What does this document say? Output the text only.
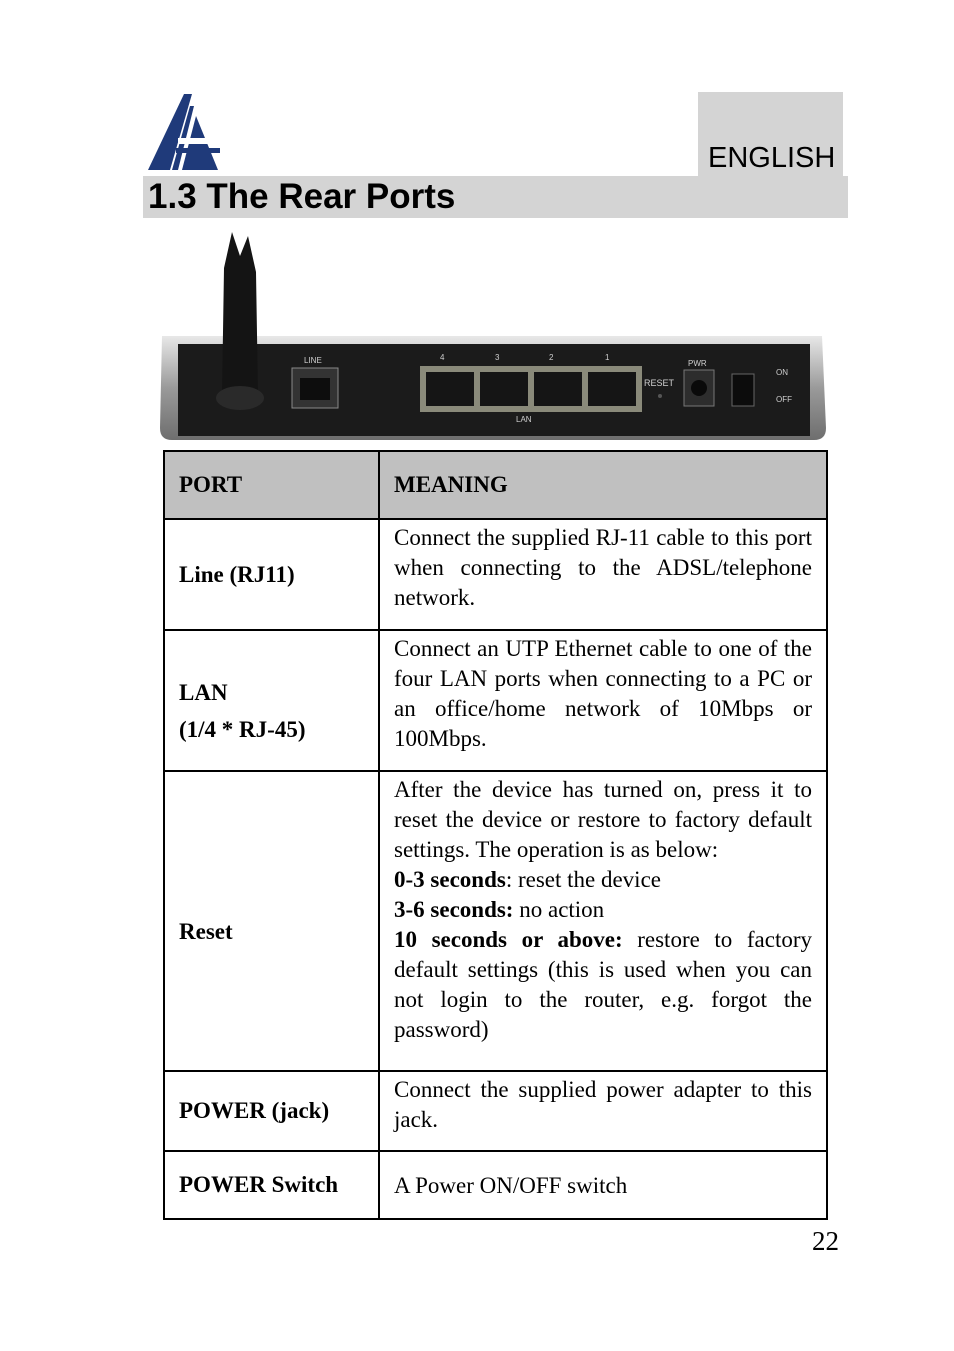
ENGLISH
1.3 The Rear Ports
LINE	4	3	2	1
LAN
RESET
PWR
ON
OFF
PORT	MEANING
Line (RJ11)	Connect the supplied RJ-11 cable to this port when connecting to the ADSL/telephone network.

LAN
(1/4 * RJ-45)	Connect an UTP Ethernet cable to one of the four LAN ports when connecting to a PC or an office/home network of 10Mbps or 100Mbps.
Reset	After the device has turned on, press it to reset the device or restore to factory default settings. The operation is as below:

0-3 seconds: reset the device

3-6 seconds: no action

10 seconds or above: restore to factory default settings (this is used when you can not login to the router, e.g. forgot the password)

POWER (jack)	Connect the supplied power adapter to this jack.
POWER Switch	A Power ON/OFF switch
22
